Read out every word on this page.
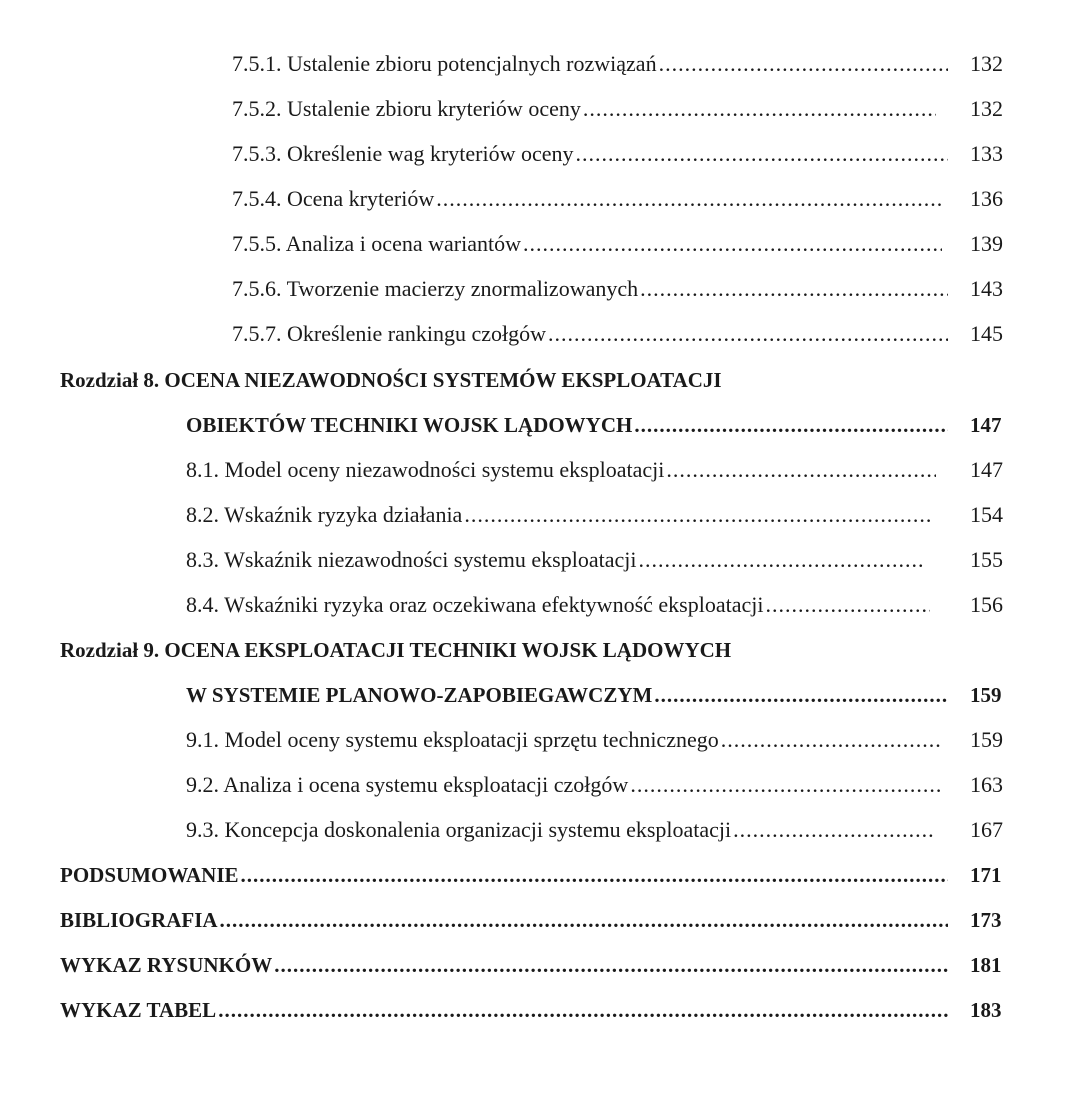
7.5.1. Ustalenie zbioru potencjalnych rozwiązań .....	132
7.5.2. Ustalenie zbioru kryteriów oceny .....	132
7.5.3. Określenie wag kryteriów oceny .....	133
7.5.4. Ocena kryteriów .....	136
7.5.5. Analiza i ocena wariantów .....	139
7.5.6. Tworzenie macierzy znormalizowanych .....	143
7.5.7. Określenie rankingu czołgów .....	145
Rozdział 8. OCENA NIEZAWODNOŚCI SYSTEMÓW EKSPLOATACJI
OBIEKTÓW TECHNIKI WOJSK LĄDOWYCH .....	147
8.1. Model oceny niezawodności systemu eksploatacji .....	147
8.2. Wskaźnik ryzyka działania .....	154
8.3. Wskaźnik niezawodności systemu eksploatacji .....	155
8.4. Wskaźniki ryzyka oraz oczekiwana efektywność eksploatacji .....	156
Rozdział 9. OCENA EKSPLOATACJI TECHNIKI WOJSK LĄDOWYCH
W SYSTEMIE PLANOWO-ZAPOBIEGAWCZYM .....	159
9.1. Model oceny systemu eksploatacji sprzętu technicznego .....	159
9.2. Analiza i ocena systemu eksploatacji czołgów .....	163
9.3. Koncepcja doskonalenia organizacji systemu eksploatacji .....	167
PODSUMOWANIE .....	171
BIBLIOGRAFIA .....	173
WYKAZ RYSUNKÓW .....	181
WYKAZ TABEL .....	183
